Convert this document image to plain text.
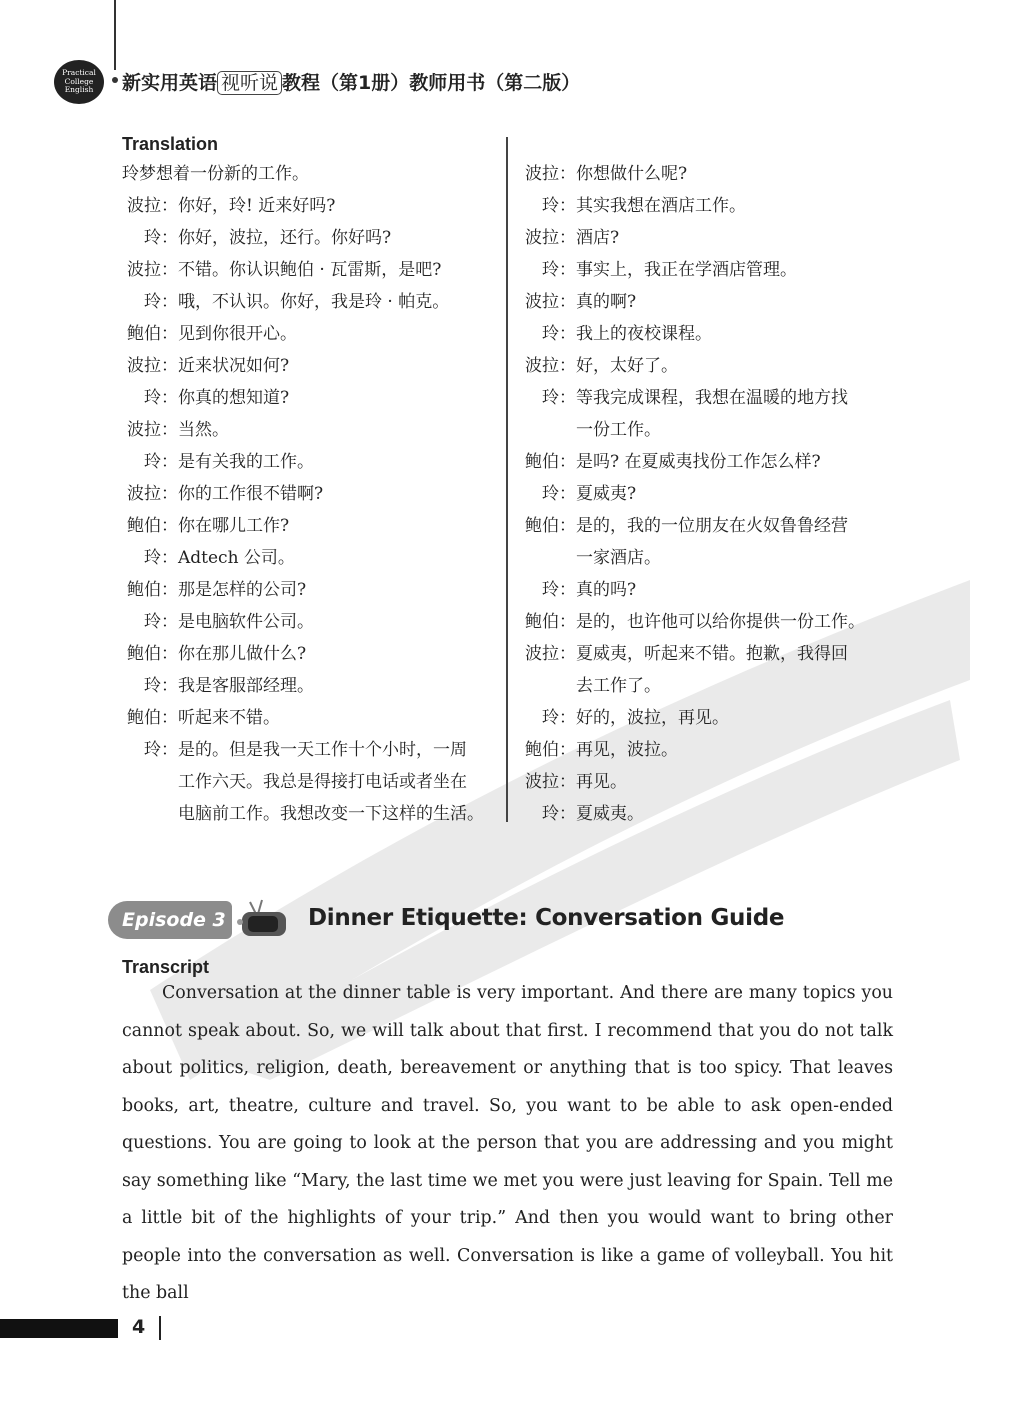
Practical
College
English	新实用英语 视听说 教程（第1册）教师用书（第二版）
Translation
玲梦想着一份新的工作。
波拉： 你好，玲! 近来好吗?
玲： 你好，波拉，还行。你好吗?
波拉： 不错。你认识鲍伯 · 瓦雷斯，是吧?
玲： 哦，不认识。你好，我是玲 · 帕克。
鲍伯： 见到你很开心。
波拉： 近来状况如何?
玲： 你真的想知道?
波拉： 当然。
玲： 是有关我的工作。
波拉： 你的工作很不错啊?
鲍伯： 你在哪儿工作?
玲： Adtech 公司。
鲍伯： 那是怎样的公司?
玲： 是电脑软件公司。
鲍伯： 你在那儿做什么?
玲： 我是客服部经理。
鲍伯： 听起来不错。
玲： 是的。但是我一天工作十个小时，一周
工作六天。我总是得接打电话或者坐在
电脑前工作。我想改变一下这样的生活。
波拉： 你想做什么呢?
玲： 其实我想在酒店工作。
波拉： 酒店?
玲： 事实上，我正在学酒店管理。
波拉： 真的啊?
玲： 我上的夜校课程。
波拉： 好，太好了。
玲： 等我完成课程，我想在温暖的地方找
一份工作。
鲍伯： 是吗? 在夏威夷找份工作怎么样?
玲： 夏威夷?
鲍伯： 是的，我的一位朋友在火奴鲁鲁经营
一家酒店。
玲： 真的吗?
鲍伯： 是的，也许他可以给你提供一份工作。
波拉： 夏威夷，听起来不错。抱歉，我得回
去工作了。
玲： 好的，波拉，再见。
鲍伯： 再见，波拉。
波拉： 再见。
玲： 夏威夷。
Episode 3	Dinner Etiquette: Conversation Guide
Transcript
Conversation at the dinner table is very important. And there are many topics you cannot speak about. So, we will talk about that first. I recommend that you do not talk about politics, religion, death, bereavement or anything that is too spicy. That leaves books, art, theatre, culture and travel. So, you want to be able to ask open-ended questions. You are going to look at the person that you are addressing and you might say something like “Mary, the last time we met you were just leaving for Spain. Tell me a little bit of the highlights of your trip.” And then you would want to bring other people into the conversation as well. Conversation is like a game of volleyball. You hit the ball
4
